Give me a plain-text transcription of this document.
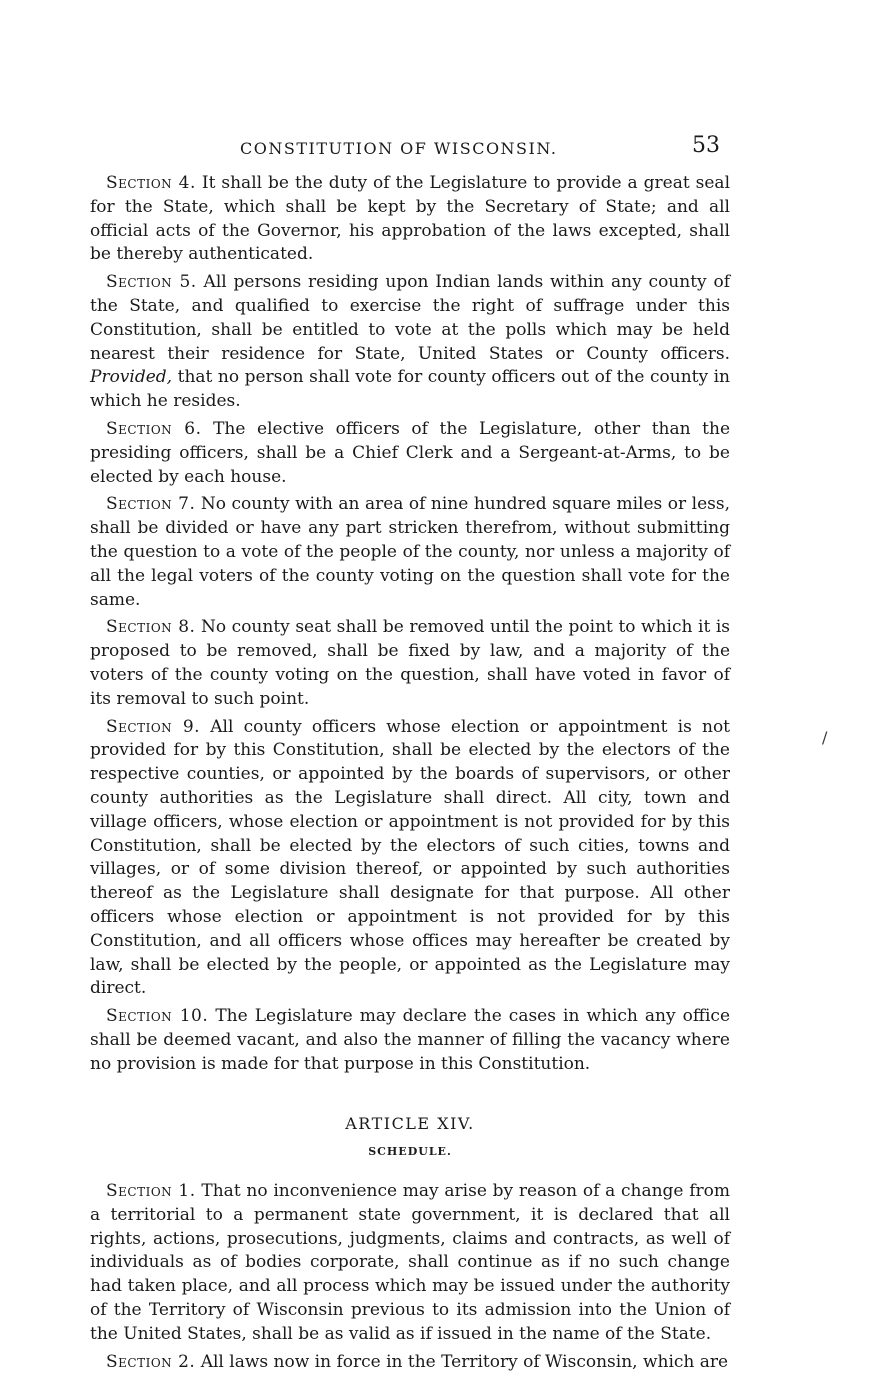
CONSTITUTION OF WISCONSIN.	53

Section 4. It shall be the duty of the Legislature to provide a great seal for the State, which shall be kept by the Secretary of State; and all official acts of the Governor, his approbation of the laws excepted, shall be thereby authenticated.

Section 5. All persons residing upon Indian lands within any county of the State, and qualified to exercise the right of suffrage under this Constitution, shall be entitled to vote at the polls which may be held nearest their residence for State, United States or County officers. Provided, that no person shall vote for county officers out of the county in which he resides.

Section 6. The elective officers of the Legislature, other than the presiding officers, shall be a Chief Clerk and a Sergeant-at-Arms, to be elected by each house.

Section 7. No county with an area of nine hundred square miles or less, shall be divided or have any part stricken therefrom, without submitting the question to a vote of the people of the county, nor unless a majority of all the legal voters of the county voting on the question shall vote for the same.

Section 8. No county seat shall be removed until the point to which it is proposed to be removed, shall be fixed by law, and a majority of the voters of the county voting on the question, shall have voted in favor of its removal to such point.

Section 9. All county officers whose election or appointment is not provided for by this Constitution, shall be elected by the electors of the respective counties, or appointed by the boards of supervisors, or other county authorities as the Legislature shall direct. All city, town and village officers, whose election or appointment is not provided for by this Constitution, shall be elected by the electors of such cities, towns and villages, or of some division thereof, or appointed by such authorities thereof as the Legislature shall designate for that purpose. All other officers whose election or appointment is not provided for by this Constitution, and all officers whose offices may hereafter be created by law, shall be elected by the people, or appointed as the Legislature may direct.

Section 10. The Legislature may declare the cases in which any office shall be deemed vacant, and also the manner of filling the vacancy where no provision is made for that purpose in this Constitution.

ARTICLE XIV.
SCHEDULE.

Section 1. That no inconvenience may arise by reason of a change from a territorial to a permanent state government, it is declared that all rights, actions, prosecutions, judgments, claims and contracts, as well of individuals as of bodies corporate, shall continue as if no such change had taken place, and all process which may be issued under the authority of the Territory of Wisconsin previous to its admission into the Union of the United States, shall be as valid as if issued in the name of the State.

Section 2. All laws now in force in the Territory of Wisconsin, which are

/
